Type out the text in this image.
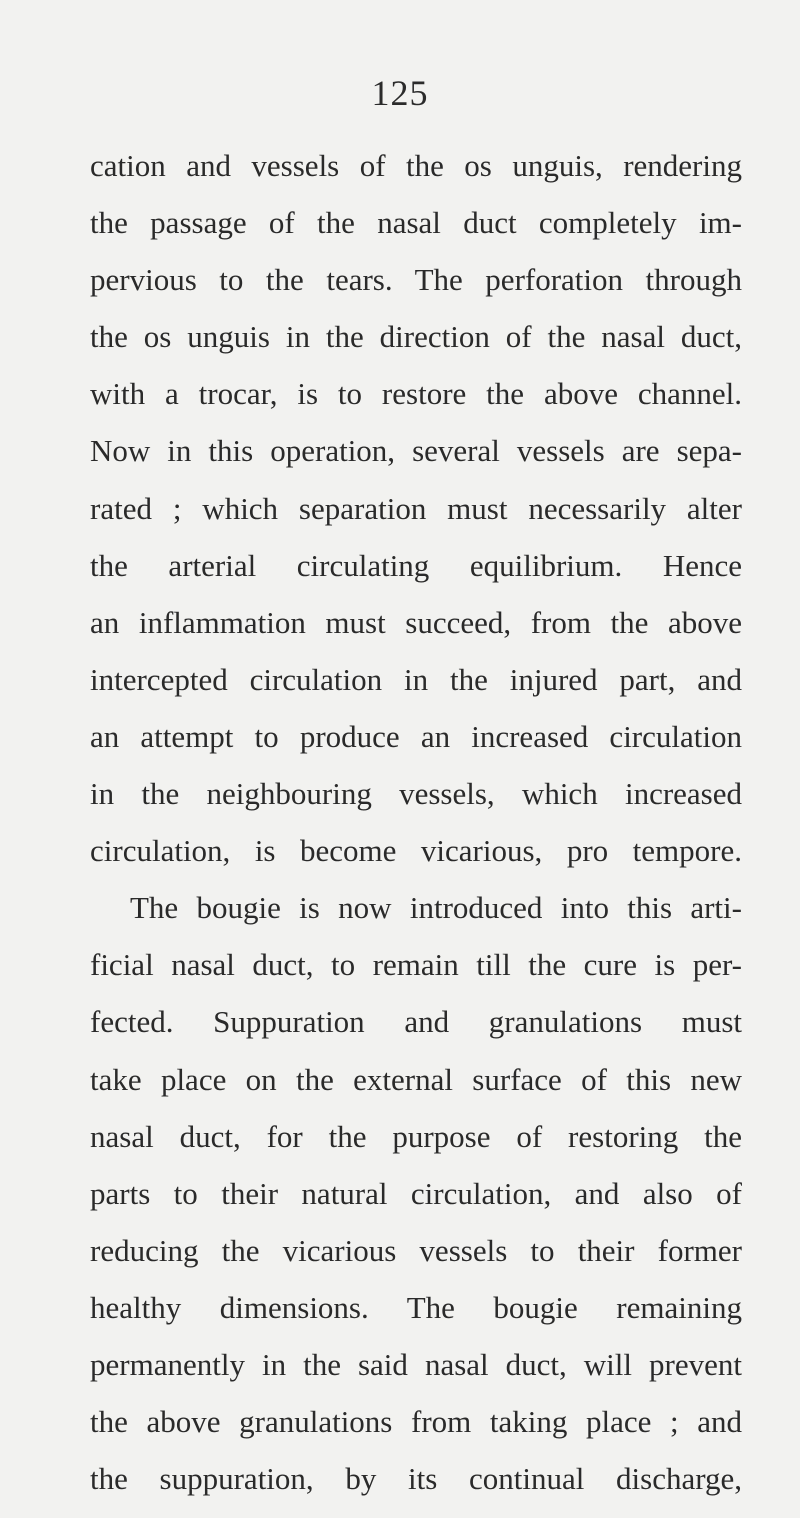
125
cation and vessels of the os unguis, rendering
the passage of the nasal duct completely im-
pervious to the tears. The perforation through
the os unguis in the direction of the nasal duct,
with a trocar, is to restore the above channel.
Now in this operation, several vessels are sepa-
rated ; which separation must necessarily alter
the arterial circulating equilibrium. Hence
an inflammation must succeed, from the above
intercepted circulation in the injured part, and
an attempt to produce an increased circulation
in the neighbouring vessels, which increased
circulation, is become vicarious, pro tempore.
The bougie is now introduced into this arti-
ficial nasal duct, to remain till the cure is per-
fected. Suppuration and granulations must
take place on the external surface of this new
nasal duct, for the purpose of restoring the
parts to their natural circulation, and also of
reducing the vicarious vessels to their former
healthy dimensions. The bougie remaining
permanently in the said nasal duct, will prevent
the above granulations from taking place ; and
the suppuration, by its continual discharge,
